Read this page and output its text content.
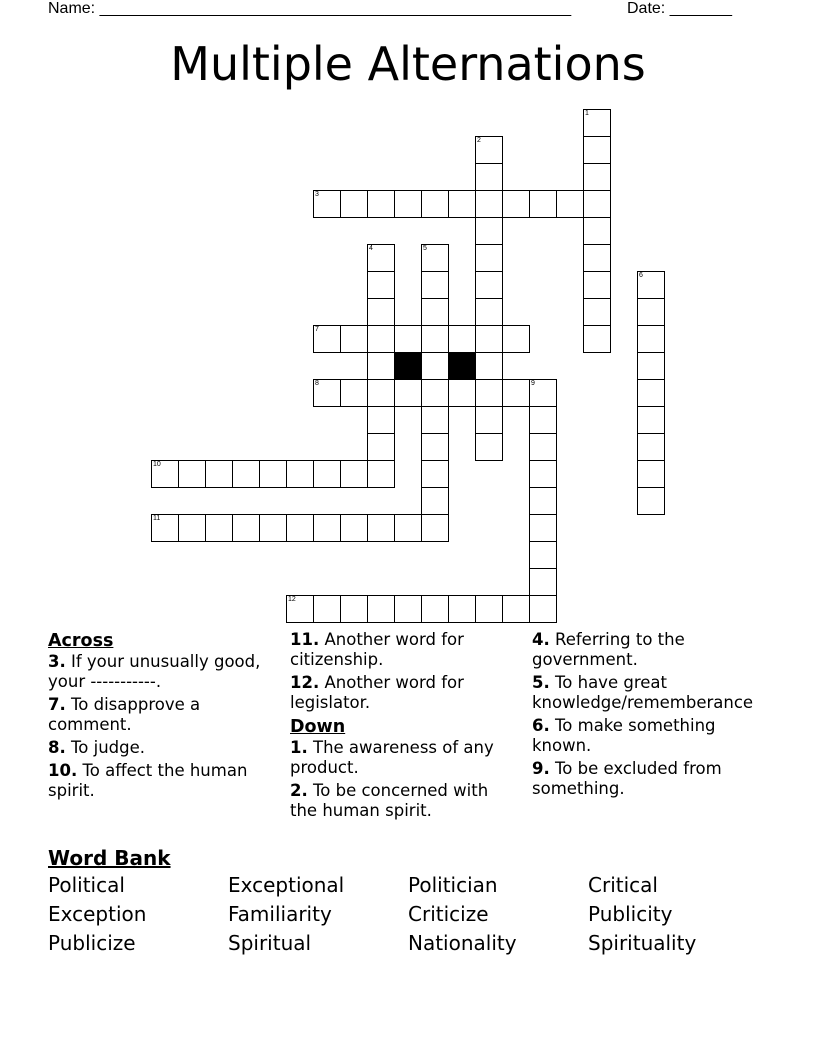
Name: _____________________________________________________	Date: _______
Multiple Alternations
1
2
3
4	5
6
7
8	9
10
11
12
Across
3. If your unusually good, your -----------.
7. To disapprove a comment.
8. To judge.
10. To affect the human spirit.
11. Another word for citizenship.
12. Another word for legislator.
Down
1. The awareness of any product.
2. To be concerned with the human spirit.
4. Referring to the government.
5. To have great knowledge/rememberance
6. To make something known.
9. To be excluded from something.
Word Bank
Political	Exceptional	Politician	Critical
Exception	Familiarity	Criticize	Publicity
Publicize	Spiritual	Nationality	Spirituality
